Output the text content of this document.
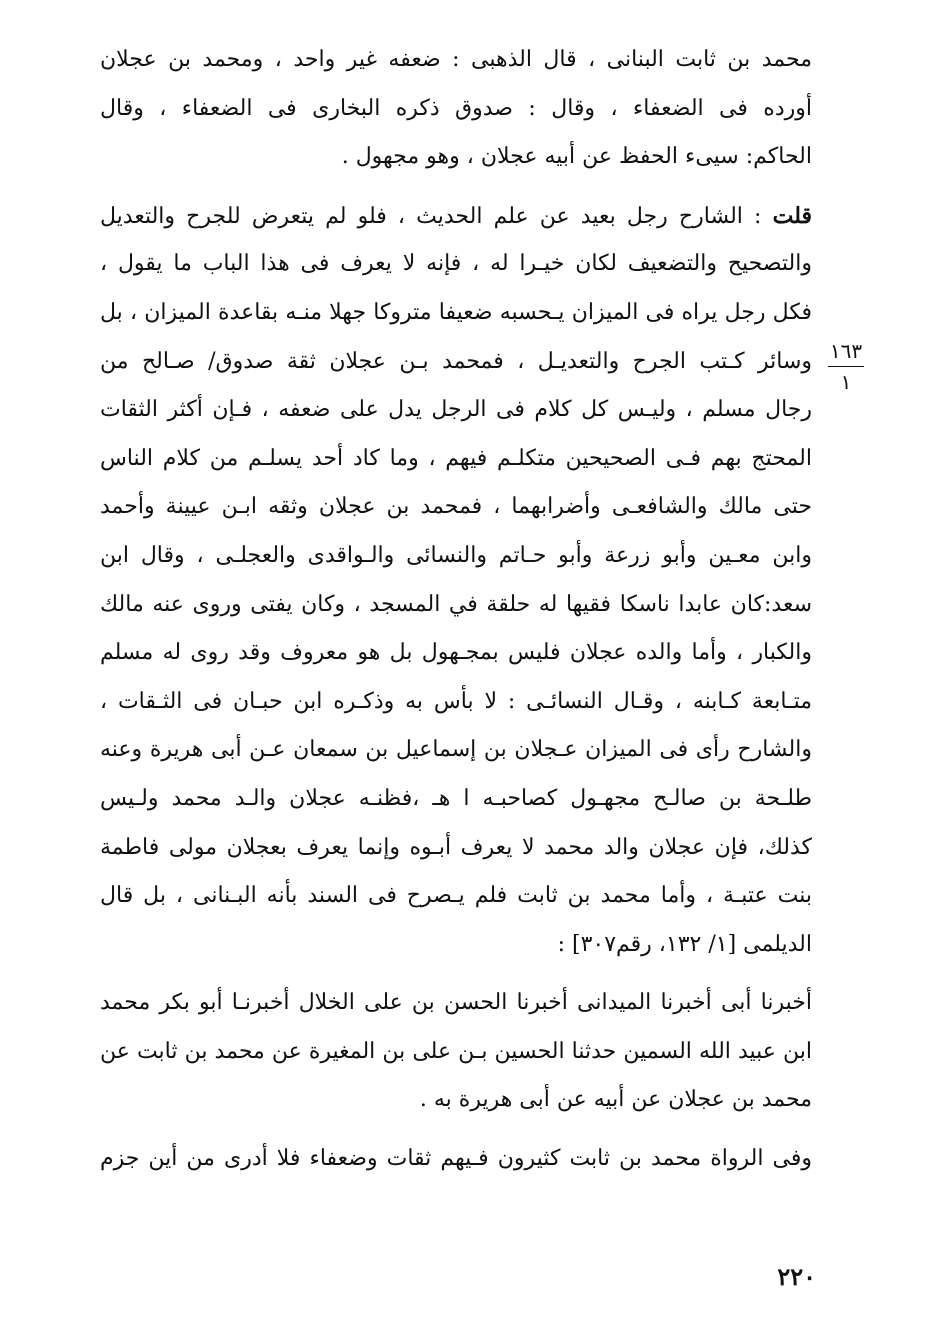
محمد بن ثابت البنانى ، قال الذهبى : ضعفه غير واحد ، ومحمد بن عجلان
أورده فى الضعفاء ، وقال : صدوق ذكره البخارى فى الضعفاء ، وقال
الحاكم: سيىء الحفظ عن أبيه عجلان ، وهو مجهول .
قلت : الشارح رجل بعيد عن علم الحديث ، فلو لم يتعرض للجرح والتعديل
والتصحيح والتضعيف لكان خيـرا له ، فإنه لا يعرف فى هذا الباب ما يقول ،
فكل رجل يراه فى الميزان يـحسبه ضعيفا متروكا جهلا منـه بقاعدة الميزان ، بل
وسائر كـتب الجرح والتعديـل ، فمحمد بـن عجلان ثقة صدوق/ صـالح من
رجال مسلم ، وليـس كل كلام فى الرجل يدل على ضعفه ، فـإن أكثر الثقات
المحتج بهم فـى الصحيحين متكلـم فيهم ، وما كاد أحد يسلـم من كلام الناس
حتى مالك والشافعـى وأضرابهما ، فمحمد بن عجلان وثقه ابـن عيينة وأحمد
وابن معـين وأبو زرعة وأبو حـاتم والنسائى والـواقدى والعجلـى ، وقال ابن
سعد:كان عابدا ناسكا فقيها له حلقة في المسجد ، وكان يفتى وروى عنه مالك
والكبار ، وأما والده عجلان فليس بمجـهول بل هو معروف وقد روى له مسلم
متـابعة كـابنه ، وقـال النسائـى : لا بأس به وذكـره ابن حبـان فى الثـقات ،
والشارح رأى فى الميزان عـجلان بن إسماعيل بن سمعان عـن أبى هريرة وعنه
طلـحة بن صالـح مجهـول كصاحبـه ا هـ ،فظنـه عجلان والـد محمد ولـيس
كذلك، فإن عجلان والد محمد لا يعرف أبـوه وإنما يعرف بعجلان مولى فاطمة
بنت عتبـة ، وأما محمد بن ثابت فلم يـصرح فى السند بأنه البـنانى ، بل قال
الديلمى [١/ ١٣٢، رقم٣٠٧] :
أخبرنا أبى أخبرنا الميدانى أخبرنا الحسن بن على الخلال أخبرنـا أبو بكر محمد
ابن عبيد الله السمين حدثنا الحسين بـن على بن المغيرة عن محمد بن ثابت عن
محمد بن عجلان عن أبيه عن أبى هريرة به .
وفى الرواة محمد بن ثابت كثيرون فـيهم ثقات وضعفاء فلا أدرى من أين جزم
١٦٣
١
٢٢٠
